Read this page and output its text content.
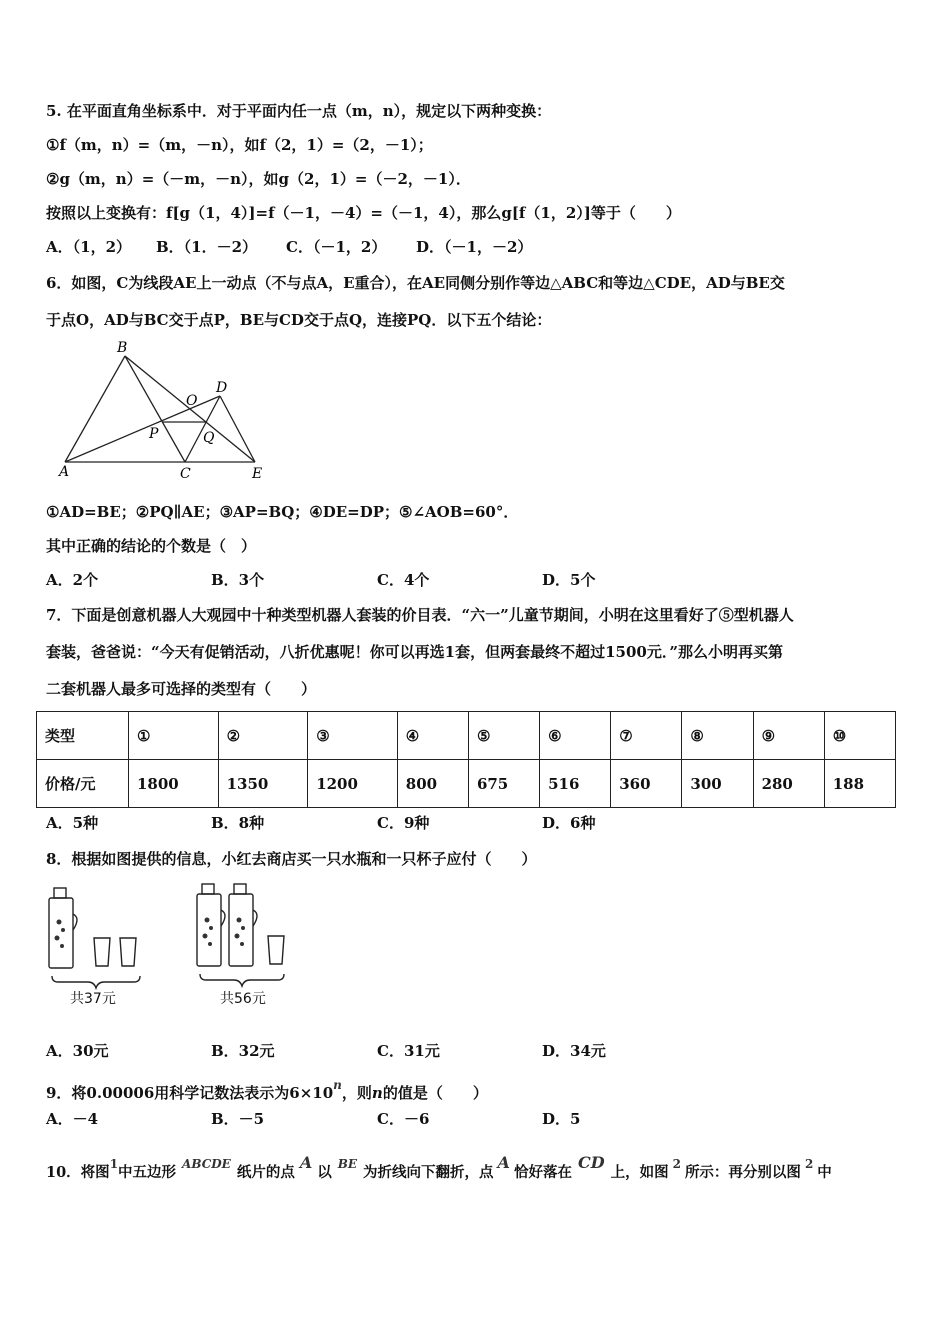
5. 在平面直角坐标系中．对于平面内任一点（m，n），规定以下两种变换：
①f（m，n）=（m，－n），如f（2，1）=（2，－1）；
②g（m，n）=（－m，－n），如g（2，1）=（－2，－1）．
按照以上变换有：f[g（1，4）]=f（－1，－4）=（－1，4），那么g[f（1，2）]等于（　　）
A．（1，2） B．（1．－2） C．（－1，2） D．（－1，－2）
6．如图，C为线段AE上一动点（不与点A，E重合），在AE同侧分别作等边△ABC和等边△CDE，AD与BE交
于点O，AD与BC交于点P，BE与CD交于点Q，连接PQ．以下五个结论：
B
D
O
P	Q
A	C	E
①AD=BE；②PQ∥AE；③AP=BQ；④DE=DP；⑤∠AOB=60°．
其中正确的结论的个数是（　）
A．2个	B．3个	C．4个	D．5个
7．下面是创意机器人大观园中十种类型机器人套装的价目表．“六一”儿童节期间，小明在这里看好了⑤型机器人
套装，爸爸说：“今天有促销活动，八折优惠呢！你可以再选1套，但两套最终不超过1500元．”那么小明再买第
二套机器人最多可选择的类型有（　　）
类型	①	②	③	④	⑤	⑥	⑦	⑧	⑨	⑩
价格/元	1800	1350	1200	800	675	516	360	300	280	188
A．5种	B．8种	C．9种	D．6种
8．根据如图提供的信息，小红去商店买一只水瓶和一只杯子应付（　　）
共37元	共56元
A．30元	B．32元	C．31元	D．34元
9．将0.00006用科学记数法表示为$6\times 10^n$，则n的值是（　　）
A．－4	B．－5	C．－6	D．5
10．将图$^1$中五边形 $^{ABCDE}$ 纸片的点A以 $^{BE}$ 为折线向下翻折，点A恰好落在CD上，如图 $^2$ 所示：再分别以图 $^2$ 中
